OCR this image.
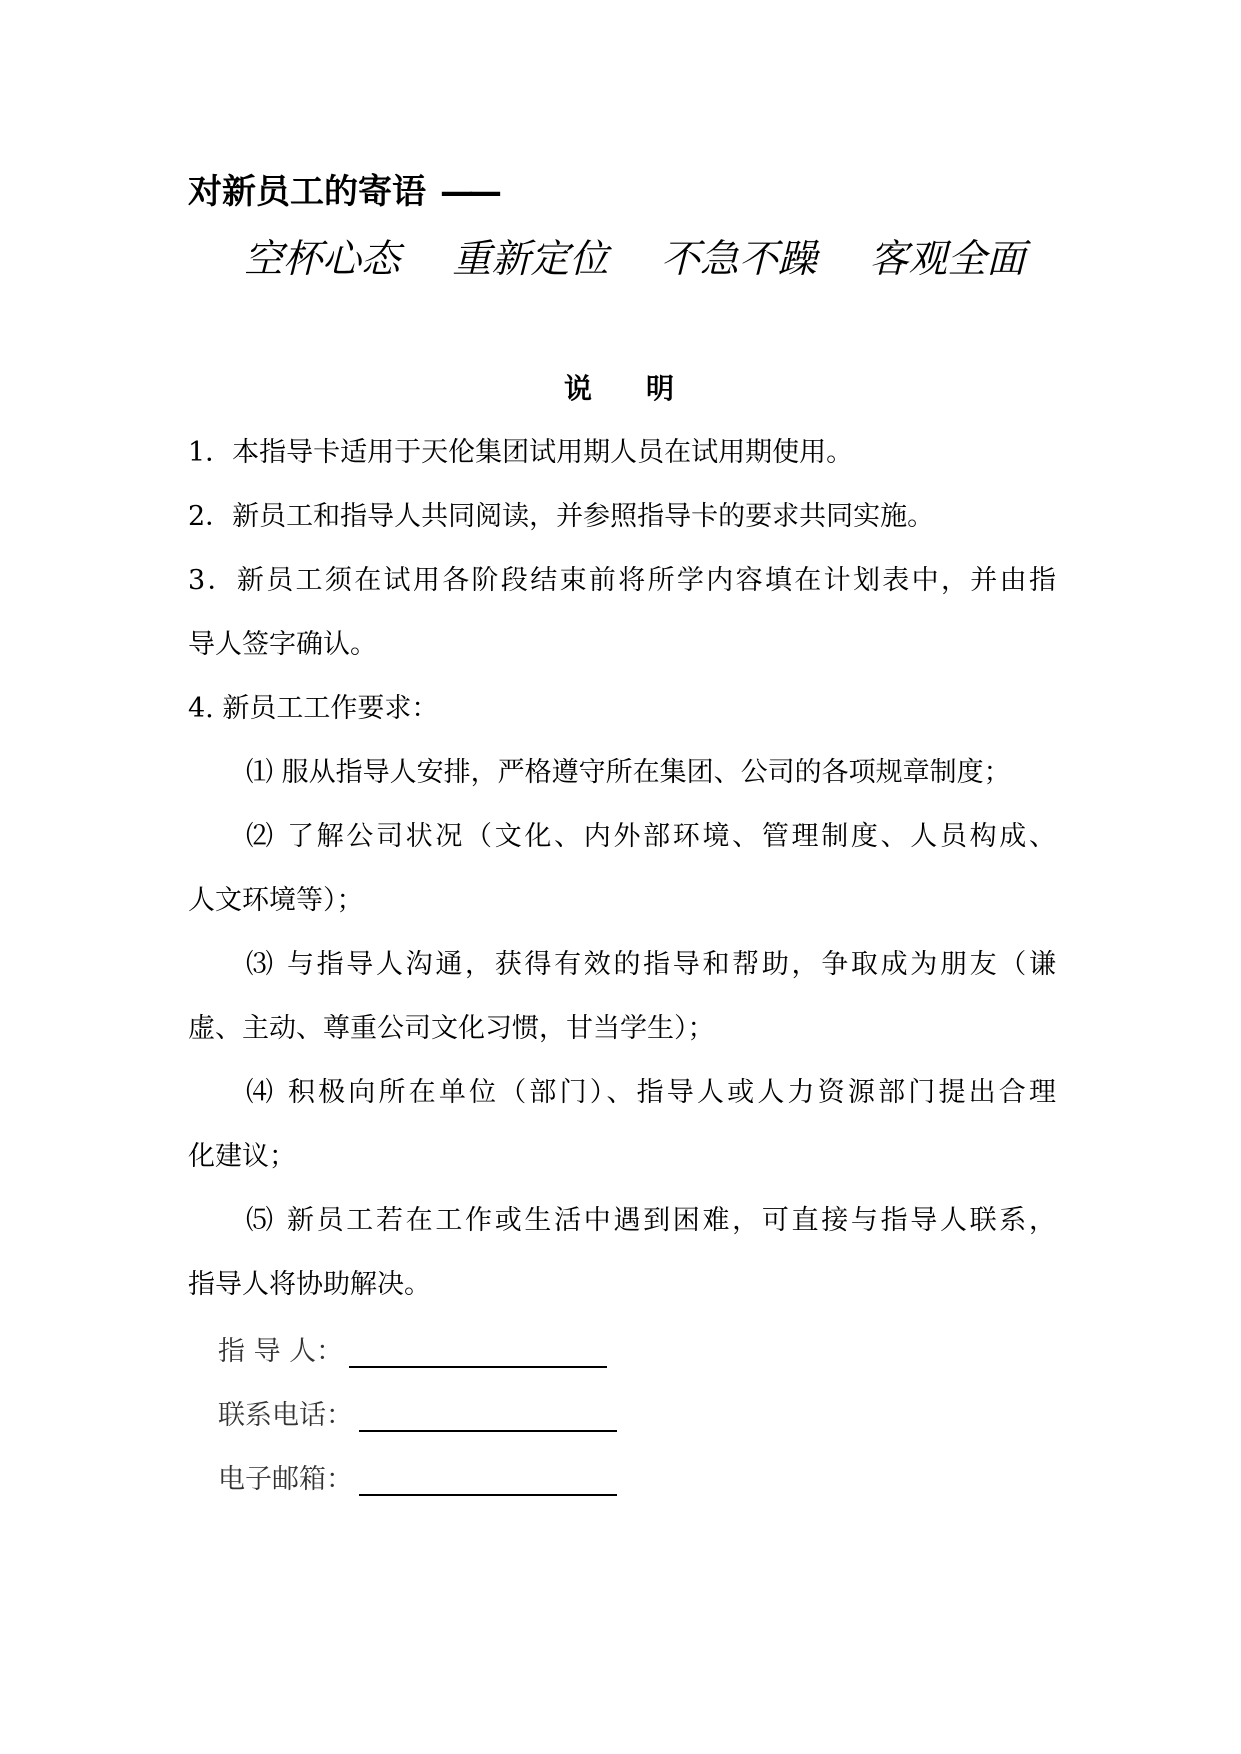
对新员工的寄语 ——
空杯心态 重新定位 不急不躁 客观全面
说明
1．本指导卡适用于天伦集团试用期人员在试用期使用。
2．新员工和指导人共同阅读，并参照指导卡的要求共同实施。
3．新员工须在试用各阶段结束前将所学内容填在计划表中，并由指
导人签字确认。
4. 新员工工作要求：
⑴ 服从指导人安排，严格遵守所在集团、公司的各项规章制度；
⑵ 了解公司状况（文化、内外部环境、管理制度、人员构成、
人文环境等）；
⑶ 与指导人沟通，获得有效的指导和帮助，争取成为朋友（谦
虚、主动、尊重公司文化习惯，甘当学生）；
⑷ 积极向所在单位（部门）、指导人或人力资源部门提出合理
化建议；
⑸ 新员工若在工作或生活中遇到困难，可直接与指导人联系，
指导人将协助解决。
指 导 人：
联系电话：
电子邮箱：
